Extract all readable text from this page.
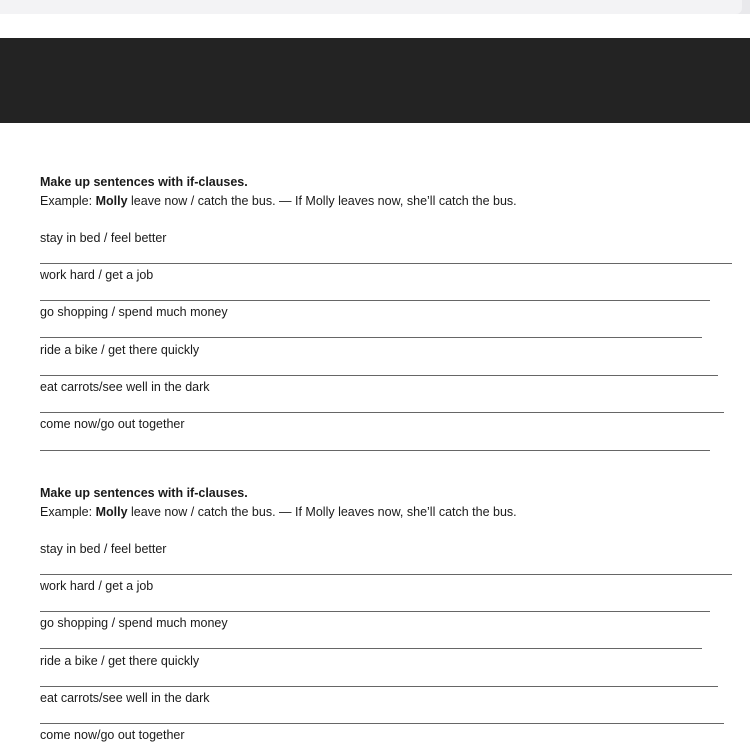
Make up sentences with if-clauses.
Example: Molly leave now / catch the bus. — If Molly leaves now, she’ll catch the bus.
stay in bed / feel better
work hard / get a job
go shopping / spend much money
ride a bike / get there quickly
eat carrots/see well in the dark
come now/go out together
Make up sentences with if-clauses.
Example: Molly leave now / catch the bus. — If Molly leaves now, she’ll catch the bus.
stay in bed / feel better
work hard / get a job
go shopping / spend much money
ride a bike / get there quickly
eat carrots/see well in the dark
come now/go out together
